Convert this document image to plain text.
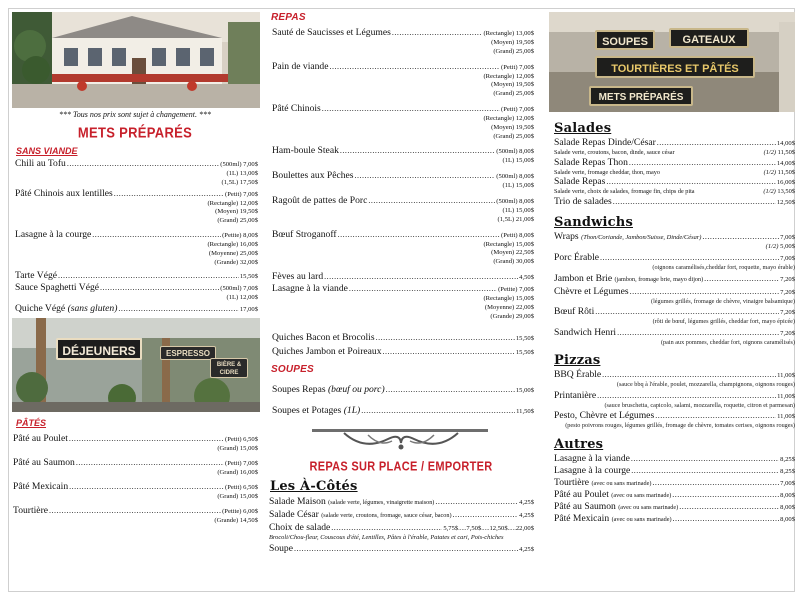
*** Tous nos prix sont sujet à changement. ***
METS PRÉPARÉS
SANS VIANDE
Chili au Tofu .....	(500ml) 7,00$
(1L) 13,00$
(1,5L) 17,50$
Pâté Chinois aux lentilles .....	(Petit) 7,00$
(Rectangle) 12,00$
(Moyen) 19,50$
(Grand) 25,00$
Lasagne à la courge .....	(Petite) 8,00$
(Rectangle) 16,00$
(Moyenne) 25,00$
(Grande) 32,00$
Tarte Végé .....	15,50$
Sauce Spaghetti Végé .....	(500ml) 7,00$
(1L) 12,00$
Quiche Végé (sans gluten) .....	17,00$
DÉJEUNERS	ESPRESSO
BIÈRE & CIDRE
PÂTÉS
Pâté au Poulet .....	(Petit) 6,50$
(Grand) 15,00$
Pâté au Saumon .....	(Petit) 7,00$
(Grand) 16,00$
Pâté Mexicain .....	(Petit) 6,50$
(Grand) 15,00$
Tourtière .....	(Petite) 6,00$
(Grande) 14,50$
REPAS
Sauté de Saucisses et Légumes .....	(Rectangle) 13,00$
(Moyen) 19,50$
(Grand) 25,00$
Pain de viande .....	(Petit) 7,00$
(Rectangle) 12,00$
(Moyen) 19,50$
(Grand) 25,00$
Pâté Chinois .....	(Petit) 7,00$
(Rectangle) 12,00$
(Moyen) 19,50$
(Grand) 25,00$
Ham-boule Steak .....	(500ml) 8,00$
(1L) 15,00$
Boulettes aux Pêches .....	(500ml) 8,00$
(1L) 15,00$
Ragoût de pattes de Porc .....	(500ml) 8,00$
(1L) 15,00$
(1,5L) 21,00$
Bœuf Stroganoff .....	(Petit) 8,00$
(Rectangle) 15,00$
(Moyen) 22,50$
(Grand) 30,00$
Fèves au lard .....	4,50$
Lasagne à la viande .....	(Petite) 7,00$
(Rectangle) 15,00$
(Moyenne) 22,00$
(Grande) 29,00$
Quiches Bacon et Brocolis .....	15,50$
Quiches Jambon et Poireaux .....	15,50$
SOUPES
Soupes Repas (bœuf ou porc) .....	15,00$
Soupes et Potages (1L) .....	11,50$
REPAS SUR PLACE / EMPORTER
Les À-Côtés
Salade Maison (salade verte, légumes, vinaigrette maison) .....	4,25$
Salade César (salade verte, croutons, fromage, sauce césar, bacon) .....	4,25$
Choix de salade .....	5,75$.....7,50$.....12,50$.....22,00$
Brocoli/Chou-fleur, Couscous d'été, Lentilles, Pâtes à l'érable, Patates et cari, Pois-chiches
Soupe .....	4,25$
SOUPES	GATEAUX
TOURTIÈRES ET PÂTÉS
METS PRÉPARÉS
Salades
Salade Repas Dinde/César .....	14,00$
Salade verte, croutons, bacon, dinde, sauce césar	(1/2) 11,50$
Salade Repas Thon .....	14,00$
Salade verte, fromage cheddar, thon, mayo	(1/2) 11,50$
Salade Repas .....	16,00$
Salade verte, choix de salades, fromage fin, chips de pita	(1/2) 13,50$
Trio de salades .....	12,50$
Sandwichs
Wraps (Thon/Coriande, Jambon/Suisse, Dinde/César) .....	7,00$
(1/2) 5,00$
Porc Érable .....	7,00$
(oignons caramélisés,cheddar fort, roquette, mayo érable)
Jambon et Brie (jambon, fromage brie, mayo dijon) .....	7,20$
Chèvre et Légumes .....	7,20$
(légumes grillés, fromage de chèvre, vinaigre balsamique)
Bœuf Rôti .....	7,20$
(rôti de bœuf, légumes grillés, cheddar fort, mayo épicée)
Sandwich Henri .....	7,20$
(pain aux pommes, cheddar fort, oignons caramélisés)
Pizzas
BBQ Érable .....	11,00$
(sauce bbq à l'érable, poulet, mozzarella, champignons, oignons rouges)
Printanière .....	11,00$
(sauce bruschetta, capicolo, salami, mozzarella, roquette, citron et parmesan)
Pesto, Chèvre et Légumes .....	11,00$
(pesto poivrons rouges, légumes grillés, fromage de chèvre, tomates cerises, oignons rouges)
Autres
Lasagne à la viande .....	8,25$
Lasagne à la courge .....	8,25$
Tourtière (avec ou sans marinade) .....	7,00$
Pâté au Poulet (avec ou sans marinade) .....	8,00$
Pâté au Saumon (avec ou sans marinade) .....	8,00$
Pâté Mexicain (avec ou sans marinade) .....	8,00$
